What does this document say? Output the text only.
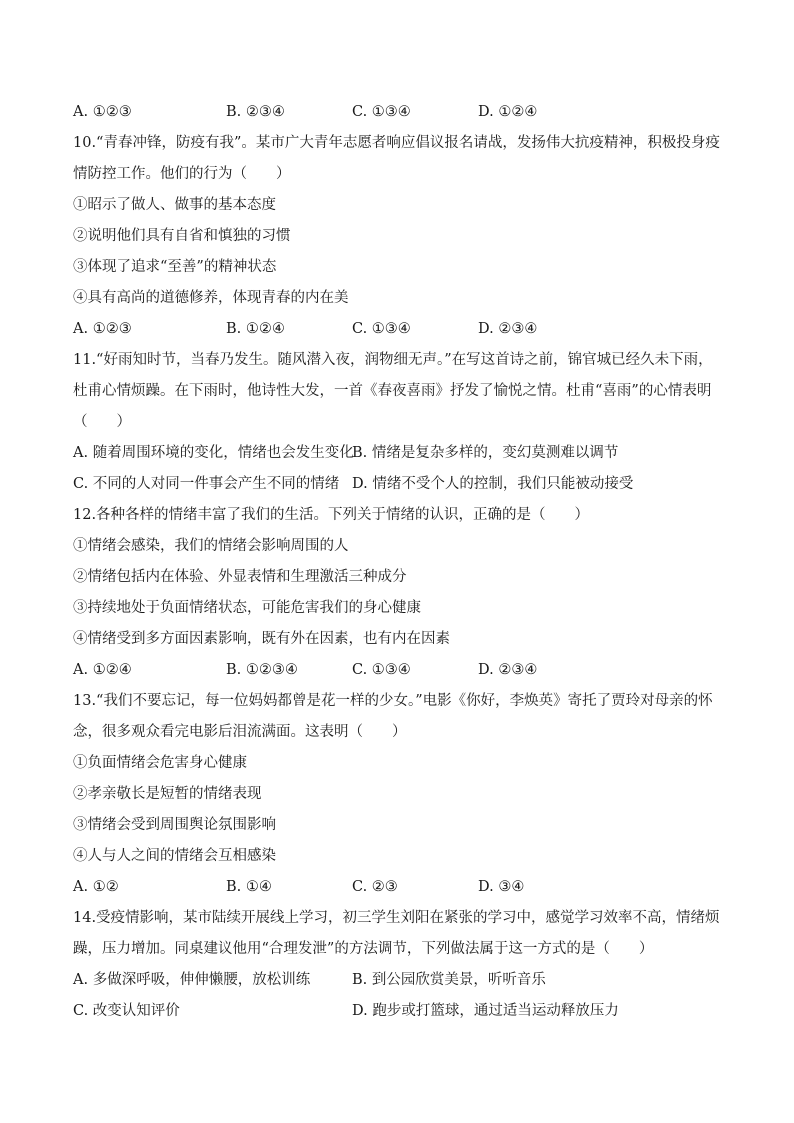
A. ①②③	B. ②③④	C. ①③④	D. ①②④
10.“青春冲锋，防疫有我”。某市广大青年志愿者响应倡议报名请战，发扬伟大抗疫精神，积极投身疫
情防控工作。他们的行为（　　）
①昭示了做人、做事的基本态度
②说明他们具有自省和慎独的习惯
③体现了追求“至善”的精神状态
④具有高尚的道德修养，体现青春的内在美
A. ①②③	B. ①②④	C. ①③④	D. ②③④
11.“好雨知时节，当春乃发生。随风潜入夜，润物细无声。”在写这首诗之前，锦官城已经久未下雨，
杜甫心情烦躁。在下雨时，他诗性大发，一首《春夜喜雨》抒发了愉悦之情。杜甫“喜雨”的心情表明
（　　）
A. 随着周围环境的变化，情绪也会发生变化
B. 情绪是复杂多样的，变幻莫测难以调节
C. 不同的人对同一件事会产生不同的情绪 D. 情绪不受个人的控制，我们只能被动接受
12.各种各样的情绪丰富了我们的生活。下列关于情绪的认识，正确的是（　　）
①情绪会感染，我们的情绪会影响周围的人
②情绪包括内在体验、外显表情和生理激活三种成分
③持续地处于负面情绪状态，可能危害我们的身心健康
④情绪受到多方面因素影响，既有外在因素，也有内在因素
A. ①②④	B. ①②③④	C. ①③④	D. ②③④
13.“我们不要忘记，每一位妈妈都曾是花一样的少女。”电影《你好，李焕英》寄托了贾玲对母亲的怀
念，很多观众看完电影后泪流满面。这表明（　　）
①负面情绪会危害身心健康
②孝亲敬长是短暂的情绪表现
③情绪会受到周围舆论氛围影响
④人与人之间的情绪会互相感染
A. ①②	B. ①④	C. ②③	D. ③④
14.受疫情影响，某市陆续开展线上学习，初三学生刘阳在紧张的学习中，感觉学习效率不高，情绪烦
躁，压力增加。同桌建议他用“合理发泄”的方法调节，下列做法属于这一方式的是（　　）
A. 多做深呼吸，伸伸懒腰，放松训练	B. 到公园欣赏美景，听听音乐
C. 改变认知评价	D. 跑步或打篮球，通过适当运动释放压力
